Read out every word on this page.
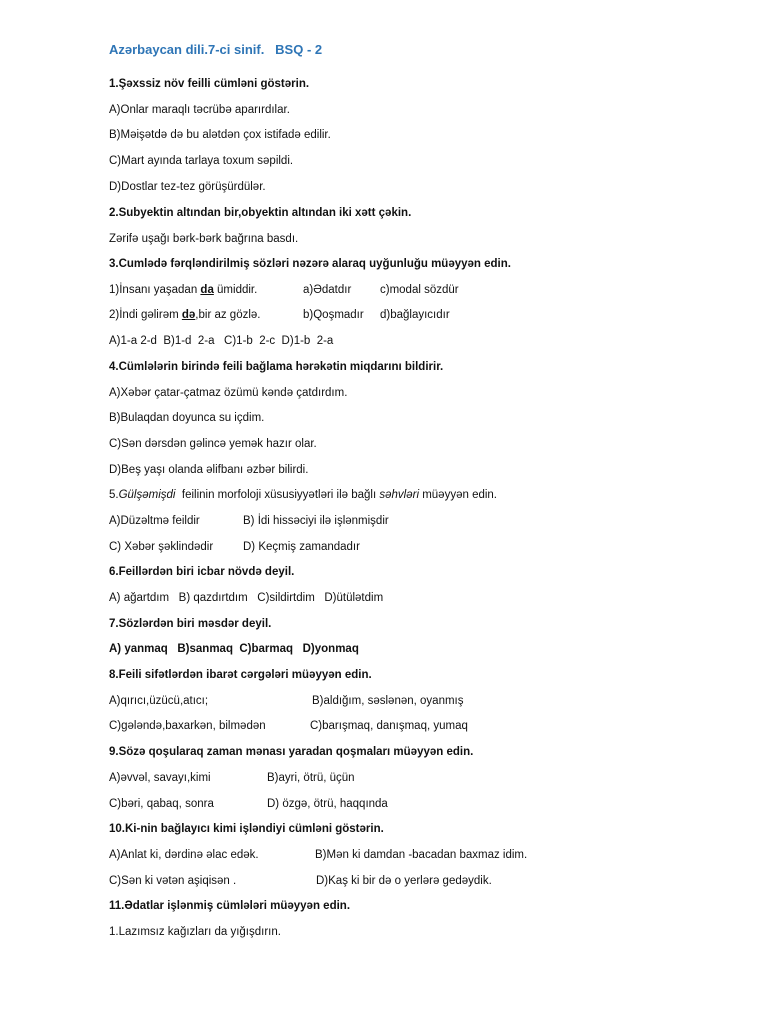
Azərbaycan dili.7-ci sinif.   BSQ - 2
1.Şəxssiz növ feilli cümləni göstərin.
A)Onlar maraqlı təcrübə aparırdılar.
B)Məişətdə də bu alətdən çox istifadə edilir.
C)Mart ayında tarlaya toxum səpildi.
D)Dostlar tez-tez görüşürdülər.
2.Subyektin altından bir,obyektin altından iki xətt çəkin.
Zərifə uşağı bərk-bərk bağrına basdı.
3.Cumlədə fərqləndirilmiş sözləri nəzərə alaraq uyğunluğu müəyyən edin.
1)İnsanı yaşadan da ümiddir.	a)Ədatdır c)modal sözdür
2)İndi gəlirəm də,bir az gözlə.	b)Qoşmadır d)bağlayıcıdır
A)1-a 2-d  B)1-d  2-a   C)1-b  2-c  D)1-b  2-a
4.Cümlələrin birində feili bağlama hərəkətin miqdarını bildirir.
A)Xəbər çatar-çatmaz özümü kəndə çatdırdım.
B)Bulaqdan doyunca su içdim.
C)Sən dərsdən gəlincə yemək hazır olar.
D)Beş yaşı olanda əlifbanı əzbər bilirdi.
5.Gülşəmişdi  feilinin morfoloji xüsusiyyətləri ilə bağlı səhvləri müəyyən edin.
A)Düzəltmə feildir	B) İdi hissəciyi ilə işlənmişdir
C) Xəbər şəklindədir	D) Keçmiş zamandadır
6.Feillərdən biri icbar növdə deyil.
A) ağartdım   B) qazdırtdım   C)sildirtdim   D)ütülətdim
7.Sözlərdən biri məsdər deyil.
A) yanmaq   B)sanmaq  C)barmaq   D)yonmaq
8.Feili sifətlərdən ibarət cərgələri müəyyən edin.
A)qırıcı,üzücü,atıcı;	B)aldığım, səslənən, oyanmış
C)gələndə,baxarkən, bilmədən	C)barışmaq, danışmaq, yumaq
9.Sözə qoşularaq zaman mənası yaradan qoşmaları müəyyən edin.
A)əvvəl, savayı,kimi	B)ayri, ötrü, üçün
C)bəri, qabaq, sonra	D) özgə, ötrü, haqqında
10.Ki-nin bağlayıcı kimi işləndiyi cümləni göstərin.
A)Anlat ki, dərdinə əlac edək.	B)Mən ki damdan -bacadan baxmaz idim.
C)Sən ki vətən aşiqisən .	D)Kaş ki bir də o yerlərə gedəydik.
11.Ədatlar işlənmiş cümlələri müəyyən edin.
1.Lazımsız kağızları da yığışdırın.
